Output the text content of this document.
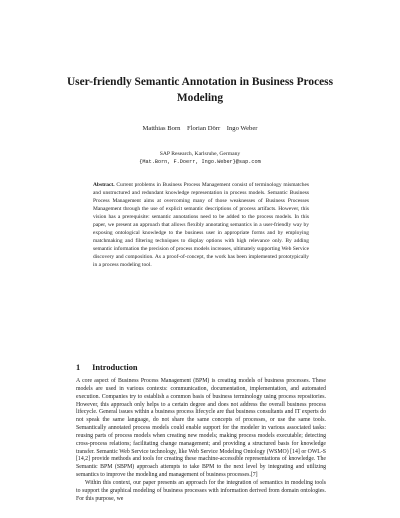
User-friendly Semantic Annotation in Business Process Modeling
Matthias Born    Florian Dörr    Ingo Weber
SAP Research, Karlsruhe, Germany
{Mat.Born, F.Doerr, Ingo.Weber}@sap.com
Abstract. Current problems in Business Process Management consist of terminology mismatches and unstructured and redundant knowledge representation in process models. Semantic Business Process Management aims at overcoming many of those weaknesses of Business Processes Management through the use of explicit semantic descriptions of process artifacts. However, this vision has a prerequisite: semantic annotations need to be added to the process models. In this paper, we present an approach that allows flexibly annotating semantics in a user-friendly way by exposing ontological knowledge to the business user in appropriate forms and by employing matchmaking and filtering techniques to display options with high relevance only. By adding semantic information the precision of process models increases, ultimately supporting Web Service discovery and composition. As a proof-of-concept, the work has been implemented prototypically in a process modeling tool.
1 Introduction

A core aspect of Business Process Management (BPM) is creating models of business processes. These models are used in various contexts: communication, documentation, implementation, and automated execution. Companies try to establish a common basis of business terminology using process repositories. However, this approach only helps to a certain degree and does not address the overall business process lifecycle. General issues within a business process lifecycle are that business consultants and IT experts do not speak the same language, do not share the same concepts of processes, or use the same tools. Semantically annotated process models could enable support for the modeler in various associated tasks: reusing parts of process models when creating new models; making process models executable; detecting cross-process relations; facilitating change management; and providing a structured basis for knowledge transfer. Semantic Web Service technology, like Web Service Modeling Ontology (WSMO) [14] or OWL-S [14,2] provide methods and tools for creating these machine-accessible representations of knowledge. The Semantic BPM (SBPM) approach attempts to take BPM to the next level by integrating and utilizing semantics to improve the modeling and management of business processes.[7]

Within this context, our paper presents an approach for the integration of semantics in modeling tools to support the graphical modeling of business processes with information derived from domain ontologies. For this purpose, we
